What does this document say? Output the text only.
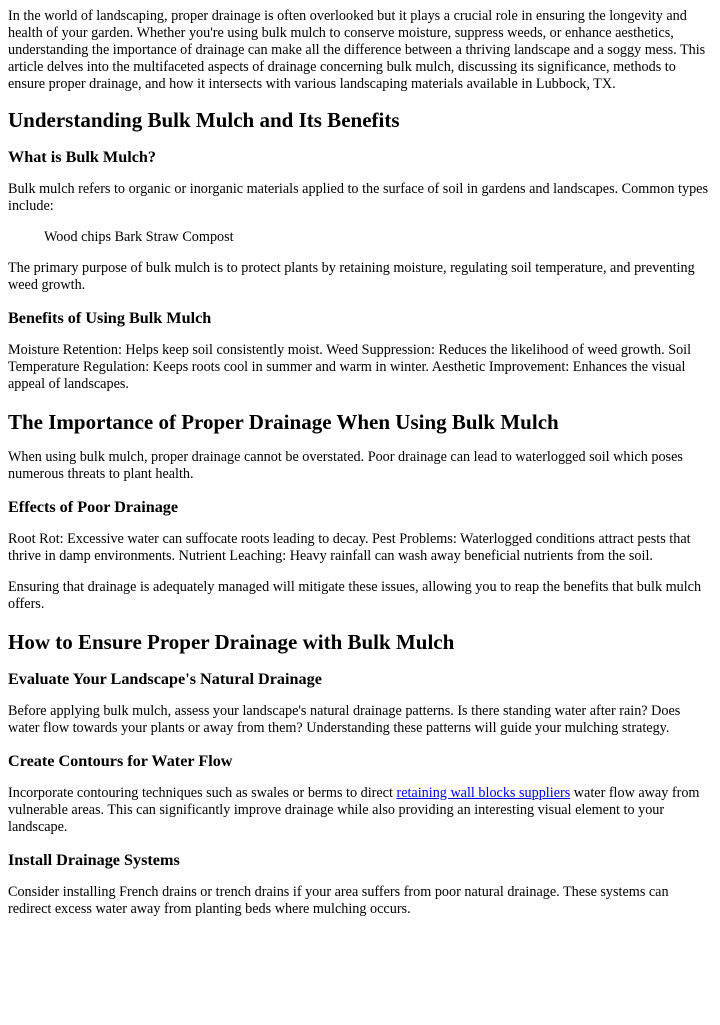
In the world of landscaping, proper drainage is often overlooked but it plays a crucial role in ensuring the longevity and health of your garden. Whether you're using bulk mulch to conserve moisture, suppress weeds, or enhance aesthetics, understanding the importance of drainage can make all the difference between a thriving landscape and a soggy mess. This article delves into the multifaceted aspects of drainage concerning bulk mulch, discussing its significance, methods to ensure proper drainage, and how it intersects with various landscaping materials available in Lubbock, TX.

Understanding Bulk Mulch and Its Benefits
What is Bulk Mulch?

Bulk mulch refers to organic or inorganic materials applied to the surface of soil in gardens and landscapes. Common types include:

Wood chips Bark Straw Compost

The primary purpose of bulk mulch is to protect plants by retaining moisture, regulating soil temperature, and preventing weed growth.

Benefits of Using Bulk Mulch

Moisture Retention: Helps keep soil consistently moist. Weed Suppression: Reduces the likelihood of weed growth. Soil Temperature Regulation: Keeps roots cool in summer and warm in winter. Aesthetic Improvement: Enhances the visual appeal of landscapes.

The Importance of Proper Drainage When Using Bulk Mulch

When using bulk mulch, proper drainage cannot be overstated. Poor drainage can lead to waterlogged soil which poses numerous threats to plant health.

Effects of Poor Drainage

Root Rot: Excessive water can suffocate roots leading to decay. Pest Problems: Waterlogged conditions attract pests that thrive in damp environments. Nutrient Leaching: Heavy rainfall can wash away beneficial nutrients from the soil.

Ensuring that drainage is adequately managed will mitigate these issues, allowing you to reap the benefits that bulk mulch offers.

How to Ensure Proper Drainage with Bulk Mulch
Evaluate Your Landscape's Natural Drainage

Before applying bulk mulch, assess your landscape's natural drainage patterns. Is there standing water after rain? Does water flow towards your plants or away from them? Understanding these patterns will guide your mulching strategy.

Create Contours for Water Flow

Incorporate contouring techniques such as swales or berms to direct retaining wall blocks suppliers water flow away from vulnerable areas. This can significantly improve drainage while also providing an interesting visual element to your landscape.

Install Drainage Systems

Consider installing French drains or trench drains if your area suffers from poor natural drainage. These systems can redirect excess water away from planting beds where mulching occurs.
